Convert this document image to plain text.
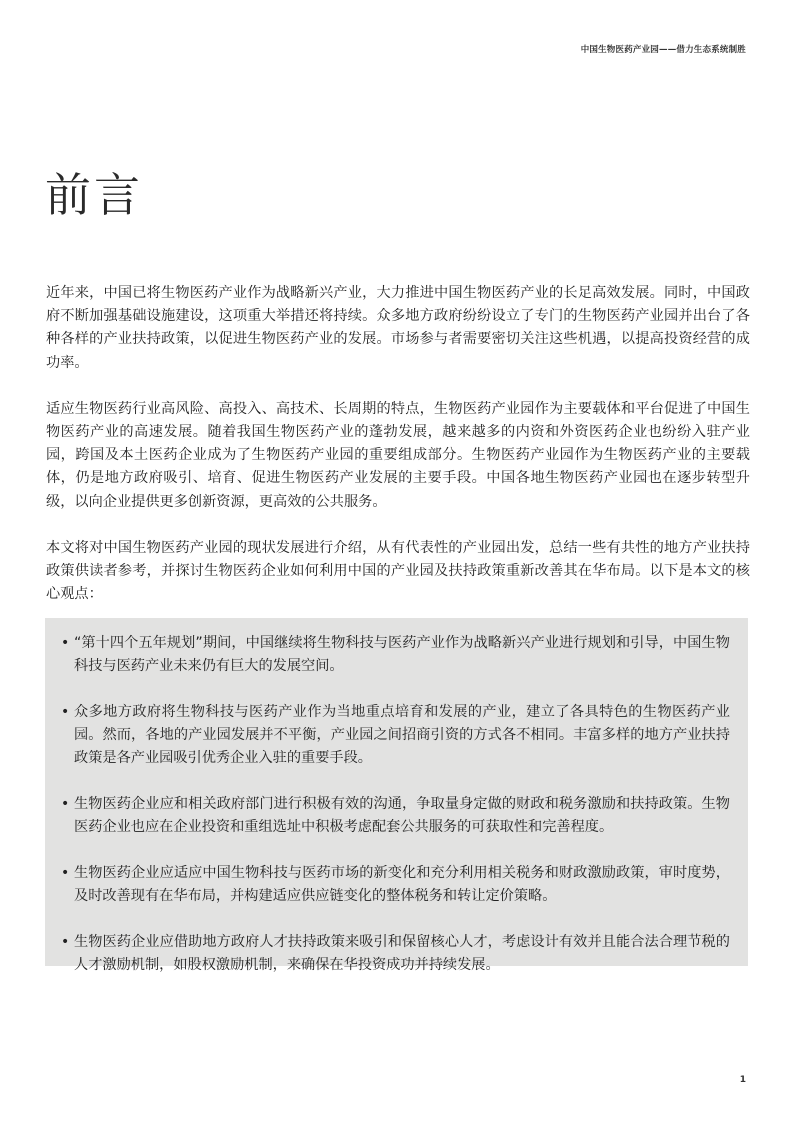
中国生物医药产业园——借力生态系统制胜
前言

近年来，中国已将生物医药产业作为战略新兴产业，大力推进中国生物医药产业的长足高效发展。同时，中国政府不断加强基础设施建设，这项重大举措还将持续。众多地方政府纷纷设立了专门的生物医药产业园并出台了各种各样的产业扶持政策，以促进生物医药产业的发展。市场参与者需要密切关注这些机遇，以提高投资经营的成功率。

适应生物医药行业高风险、高投入、高技术、长周期的特点，生物医药产业园作为主要载体和平台促进了中国生物医药产业的高速发展。随着我国生物医药产业的蓬勃发展，越来越多的内资和外资医药企业也纷纷入驻产业园，跨国及本土医药企业成为了生物医药产业园的重要组成部分。生物医药产业园作为生物医药产业的主要载体，仍是地方政府吸引、培育、促进生物医药产业发展的主要手段。中国各地生物医药产业园也在逐步转型升级，以向企业提供更多创新资源，更高效的公共服务。

本文将对中国生物医药产业园的现状发展进行介绍，从有代表性的产业园出发，总结一些有共性的地方产业扶持政策供读者参考，并探讨生物医药企业如何利用中国的产业园及扶持政策重新改善其在华布局。以下是本文的核心观点：

• “第十四个五年规划”期间，中国继续将生物科技与医药产业作为战略新兴产业进行规划和引导，中国生物科技与医药产业未来仍有巨大的发展空间。
• 众多地方政府将生物科技与医药产业作为当地重点培育和发展的产业，建立了各具特色的生物医药产业园。然而，各地的产业园发展并不平衡，产业园之间招商引资的方式各不相同。丰富多样的地方产业扶持政策是各产业园吸引优秀企业入驻的重要手段。
• 生物医药企业应和相关政府部门进行积极有效的沟通，争取量身定做的财政和税务激励和扶持政策。生物医药企业也应在企业投资和重组选址中积极考虑配套公共服务的可获取性和完善程度。
• 生物医药企业应适应中国生物科技与医药市场的新变化和充分利用相关税务和财政激励政策，审时度势，及时改善现有在华布局，并构建适应供应链变化的整体税务和转让定价策略。
• 生物医药企业应借助地方政府人才扶持政策来吸引和保留核心人才，考虑设计有效并且能合法合理节税的人才激励机制，如股权激励机制，来确保在华投资成功并持续发展。
1
